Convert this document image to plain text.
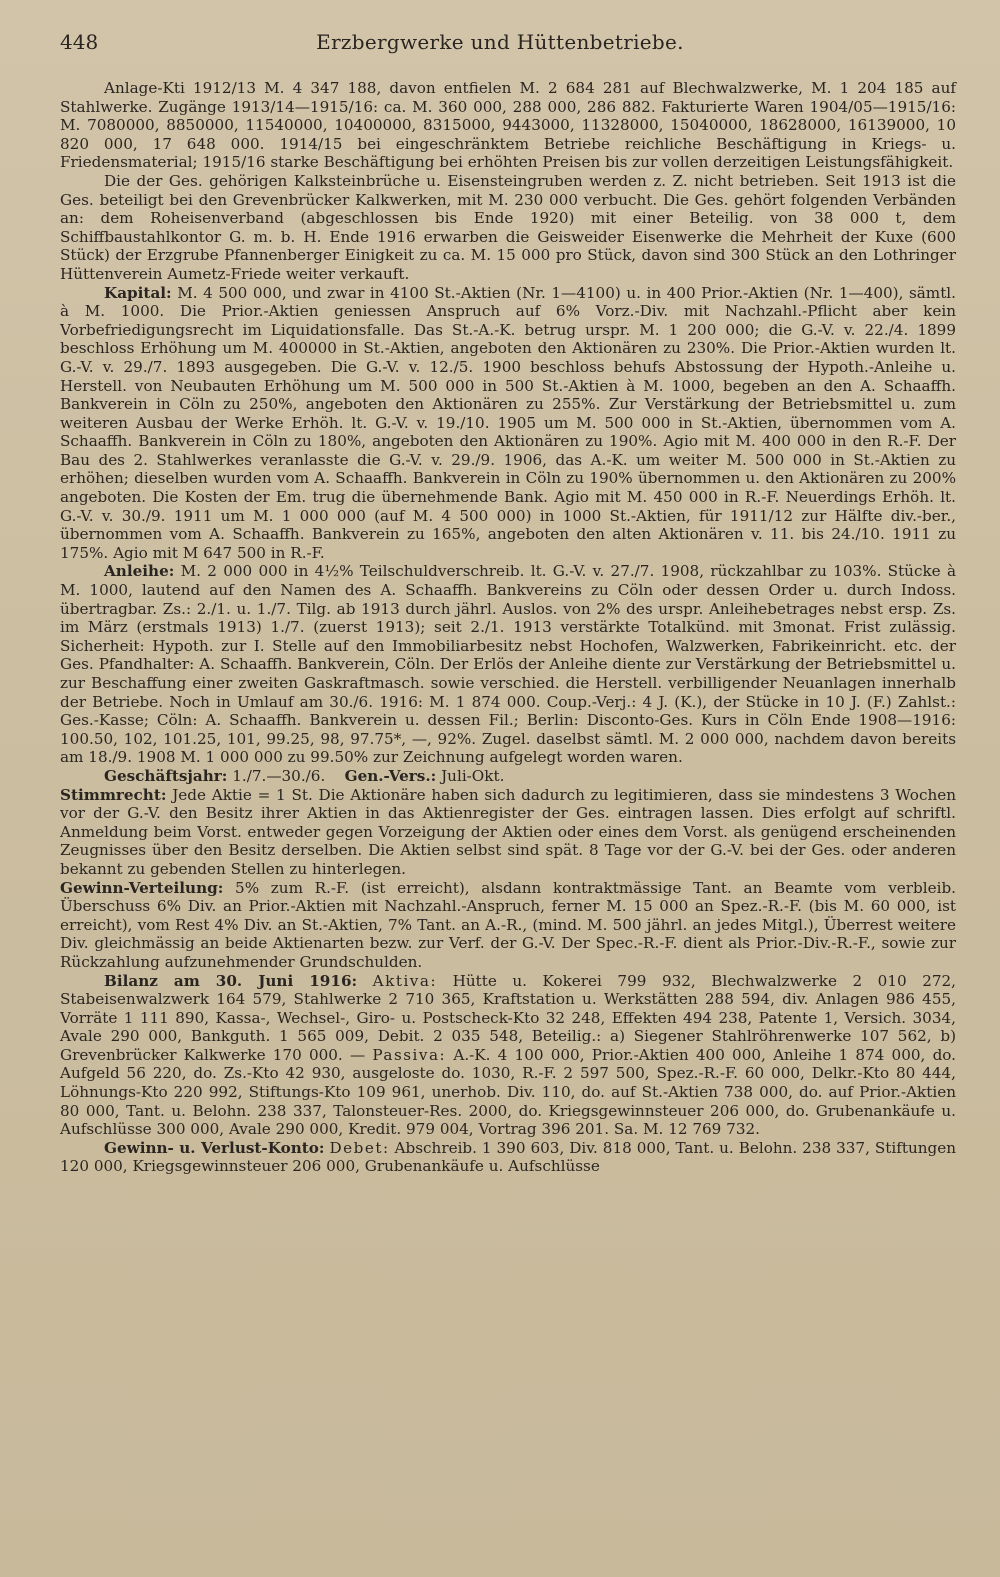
448	Erzbergwerke und Hüttenbetriebe.

Anlage-Kti 1912/13 M. 4 347 188, davon entfielen M. 2 684 281 auf Blechwalzwerke, M. 1 204 185 auf Stahlwerke. Zugänge 1913/14—1915/16: ca. M. 360 000, 288 000, 286 882. Fakturierte Waren 1904/05—1915/16: M. 7080000, 8850000, 11540000, 10400000, 8315000, 9443000, 11328000, 15040000, 18628000, 16139000, 10 820 000, 17 648 000. 1914/15 bei eingeschränktem Betriebe reichliche Beschäftigung in Kriegs- u. Friedensmaterial; 1915/16 starke Beschäftigung bei erhöhten Preisen bis zur vollen derzeitigen Leistungsfähigkeit.

Die der Ges. gehörigen Kalksteinbrüche u. Eisensteingruben werden z. Z. nicht betrieben. Seit 1913 ist die Ges. beteiligt bei den Grevenbrücker Kalkwerken, mit M. 230 000 verbucht. Die Ges. gehört folgenden Verbänden an: dem Roheisenverband (abgeschlossen bis Ende 1920) mit einer Beteilig. von 38 000 t, dem Schiffbaustahlkontor G. m. b. H. Ende 1916 erwarben die Geisweider Eisenwerke die Mehrheit der Kuxe (600 Stück) der Erzgrube Pfannenberger Einigkeit zu ca. M. 15 000 pro Stück, davon sind 300 Stück an den Lothringer Hüttenverein Aumetz-Friede weiter verkauft.

Kapital: M. 4 500 000, und zwar in 4100 St.-Aktien (Nr. 1—4100) u. in 400 Prior.-Aktien (Nr. 1—400), sämtl. à M. 1000. Die Prior.-Aktien geniessen Anspruch auf 6% Vorz.-Div. mit Nachzahl.-Pflicht aber kein Vorbefriedigungsrecht im Liquidationsfalle. Das St.-A.-K. betrug urspr. M. 1 200 000; die G.-V. v. 22./4. 1899 beschloss Erhöhung um M. 400000 in St.-Aktien, angeboten den Aktionären zu 230%. Die Prior.-Aktien wurden lt. G.-V. v. 29./7. 1893 ausgegeben. Die G.-V. v. 12./5. 1900 beschloss behufs Abstossung der Hypoth.-Anleihe u. Herstell. von Neubauten Erhöhung um M. 500 000 in 500 St.-Aktien à M. 1000, begeben an den A. Schaaffh. Bankverein in Cöln zu 250%, angeboten den Aktionären zu 255%. Zur Verstärkung der Betriebsmittel u. zum weiteren Ausbau der Werke Erhöh. lt. G.-V. v. 19./10. 1905 um M. 500 000 in St.-Aktien, übernommen vom A. Schaaffh. Bankverein in Cöln zu 180%, angeboten den Aktionären zu 190%. Agio mit M. 400 000 in den R.-F. Der Bau des 2. Stahlwerkes veranlasste die G.-V. v. 29./9. 1906, das A.-K. um weiter M. 500 000 in St.-Aktien zu erhöhen; dieselben wurden vom A. Schaaffh. Bankverein in Cöln zu 190% übernommen u. den Aktionären zu 200% angeboten. Die Kosten der Em. trug die übernehmende Bank. Agio mit M. 450 000 in R.-F. Neuerdings Erhöh. lt. G.-V. v. 30./9. 1911 um M. 1 000 000 (auf M. 4 500 000) in 1000 St.-Aktien, für 1911/12 zur Hälfte div.-ber., übernommen vom A. Schaaffh. Bankverein zu 165%, angeboten den alten Aktionären v. 11. bis 24./10. 1911 zu 175%. Agio mit M 647 500 in R.-F.

Anleihe: M. 2 000 000 in 4½% Teilschuldverschreib. lt. G.-V. v. 27./7. 1908, rückzahlbar zu 103%. Stücke à M. 1000, lautend auf den Namen des A. Schaaffh. Bankvereins zu Cöln oder dessen Order u. durch Indoss. übertragbar. Zs.: 2./1. u. 1./7. Tilg. ab 1913 durch jährl. Auslos. von 2% des urspr. Anleihebetrages nebst ersp. Zs. im März (erstmals 1913) 1./7. (zuerst 1913); seit 2./1. 1913 verstärkte Totalkünd. mit 3monat. Frist zulässig. Sicherheit: Hypoth. zur I. Stelle auf den Immobiliarbesitz nebst Hochofen, Walzwerken, Fabrikeinricht. etc. der Ges. Pfandhalter: A. Schaaffh. Bankverein, Cöln. Der Erlös der Anleihe diente zur Verstärkung der Betriebsmittel u. zur Beschaffung einer zweiten Gaskraftmasch. sowie verschied. die Herstell. verbilligender Neuanlagen innerhalb der Betriebe. Noch in Umlauf am 30./6. 1916: M. 1 874 000. Coup.-Verj.: 4 J. (K.), der Stücke in 10 J. (F.) Zahlst.: Ges.-Kasse; Cöln: A. Schaaffh. Bankverein u. dessen Fil.; Berlin: Disconto-Ges. Kurs in Cöln Ende 1908—1916: 100.50, 102, 101.25, 101, 99.25, 98, 97.75*, —, 92%. Zugel. daselbst sämtl. M. 2 000 000, nachdem davon bereits am 18./9. 1908 M. 1 000 000 zu 99.50% zur Zeichnung aufgelegt worden waren.

Geschäftsjahr: 1./7.—30./6. Gen.-Vers.: Juli-Okt.

Stimmrecht: Jede Aktie = 1 St. Die Aktionäre haben sich dadurch zu legitimieren, dass sie mindestens 3 Wochen vor der G.-V. den Besitz ihrer Aktien in das Aktienregister der Ges. eintragen lassen. Dies erfolgt auf schriftl. Anmeldung beim Vorst. entweder gegen Vorzeigung der Aktien oder eines dem Vorst. als genügend erscheinenden Zeugnisses über den Besitz derselben. Die Aktien selbst sind spät. 8 Tage vor der G.-V. bei der Ges. oder anderen bekannt zu gebenden Stellen zu hinterlegen.

Gewinn-Verteilung: 5% zum R.-F. (ist erreicht), alsdann kontraktmässige Tant. an Beamte vom verbleib. Überschuss 6% Div. an Prior.-Aktien mit Nachzahl.-Anspruch, ferner M. 15 000 an Spez.-R.-F. (bis M. 60 000, ist erreicht), vom Rest 4% Div. an St.-Aktien, 7% Tant. an A.-R., (mind. M. 500 jährl. an jedes Mitgl.), Überrest weitere Div. gleichmässig an beide Aktienarten bezw. zur Verf. der G.-V. Der Spec.-R.-F. dient als Prior.-Div.-R.-F., sowie zur Rückzahlung aufzunehmender Grundschulden.

Bilanz am 30. Juni 1916: Aktiva: Hütte u. Kokerei 799 932, Blechwalzwerke 2 010 272, Stabeisenwalzwerk 164 579, Stahlwerke 2 710 365, Kraftstation u. Werkstätten 288 594, div. Anlagen 986 455, Vorräte 1 111 890, Kassa-, Wechsel-, Giro- u. Postscheck-Kto 32 248, Effekten 494 238, Patente 1, Versich. 3034, Avale 290 000, Bankguth. 1 565 009, Debit. 2 035 548, Beteilig.: a) Siegener Stahlröhrenwerke 107 562, b) Grevenbrücker Kalkwerke 170 000. — Passiva: A.-K. 4 100 000, Prior.-Aktien 400 000, Anleihe 1 874 000, do. Aufgeld 56 220, do. Zs.-Kto 42 930, ausgeloste do. 1030, R.-F. 2 597 500, Spez.-R.-F. 60 000, Delkr.-Kto 80 444, Löhnungs-Kto 220 992, Stiftungs-Kto 109 961, unerhob. Div. 110, do. auf St.-Aktien 738 000, do. auf Prior.-Aktien 80 000, Tant. u. Belohn. 238 337, Talonsteuer-Res. 2000, do. Kriegsgewinnsteuer 206 000, do. Grubenankäufe u. Aufschlüsse 300 000, Avale 290 000, Kredit. 979 004, Vortrag 396 201. Sa. M. 12 769 732.

Gewinn- u. Verlust-Konto: Debet: Abschreib. 1 390 603, Div. 818 000, Tant. u. Belohn. 238 337, Stiftungen 120 000, Kriegsgewinnsteuer 206 000, Grubenankäufe u. Aufschlüsse
